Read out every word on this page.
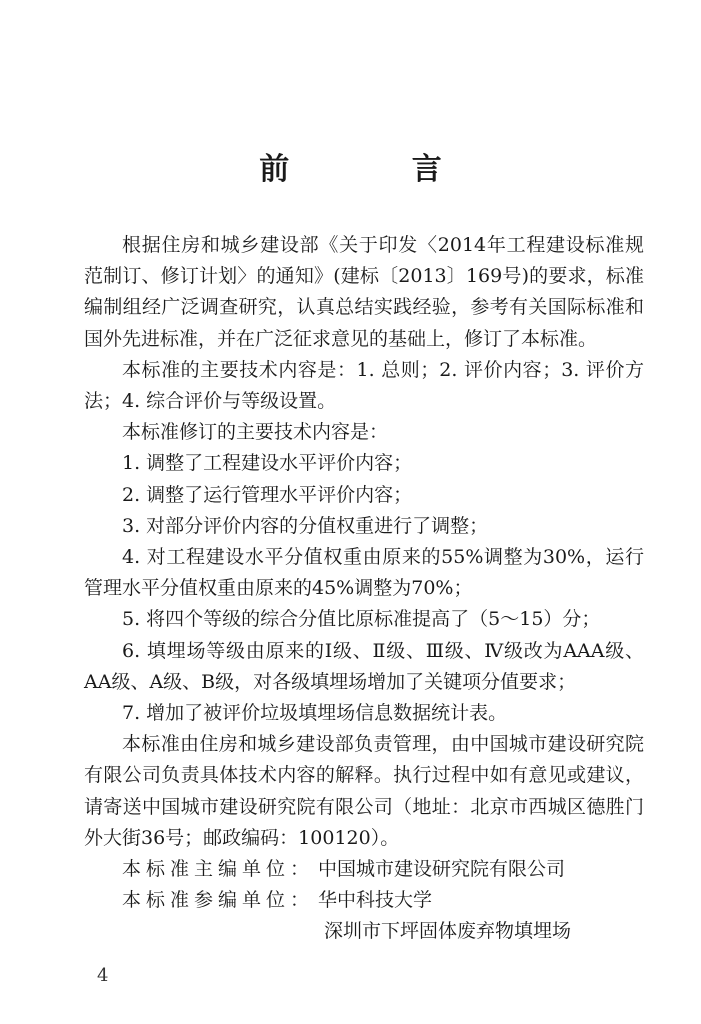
前 言

根据住房和城乡建设部《关于印发〈2014年工程建设标准规范制订、修订计划〉的通知》(建标〔2013〕169号)的要求，标准编制组经广泛调查研究，认真总结实践经验，参考有关国际标准和国外先进标准，并在广泛征求意见的基础上，修订了本标准。

本标准的主要技术内容是：1. 总则；2. 评价内容；3. 评价方法；4. 综合评价与等级设置。

本标准修订的主要技术内容是：

1. 调整了工程建设水平评价内容；

2. 调整了运行管理水平评价内容；

3. 对部分评价内容的分值权重进行了调整；

4. 对工程建设水平分值权重由原来的55%调整为30%，运行管理水平分值权重由原来的45%调整为70%；

5. 将四个等级的综合分值比原标准提高了（5～15）分；

6. 填埋场等级由原来的Ⅰ级、Ⅱ级、Ⅲ级、Ⅳ级改为AAA级、AA级、A级、B级，对各级填埋场增加了关键项分值要求；

7. 增加了被评价垃圾填埋场信息数据统计表。

本标准由住房和城乡建设部负责管理，由中国城市建设研究院有限公司负责具体技术内容的解释。执行过程中如有意见或建议，请寄送中国城市建设研究院有限公司（地址：北京市西城区德胜门外大街36号；邮政编码：100120）。

本标准主编单位： 中国城市建设研究院有限公司

本标准参编单位： 华中科技大学

深圳市下坪固体废弃物填埋场

4
